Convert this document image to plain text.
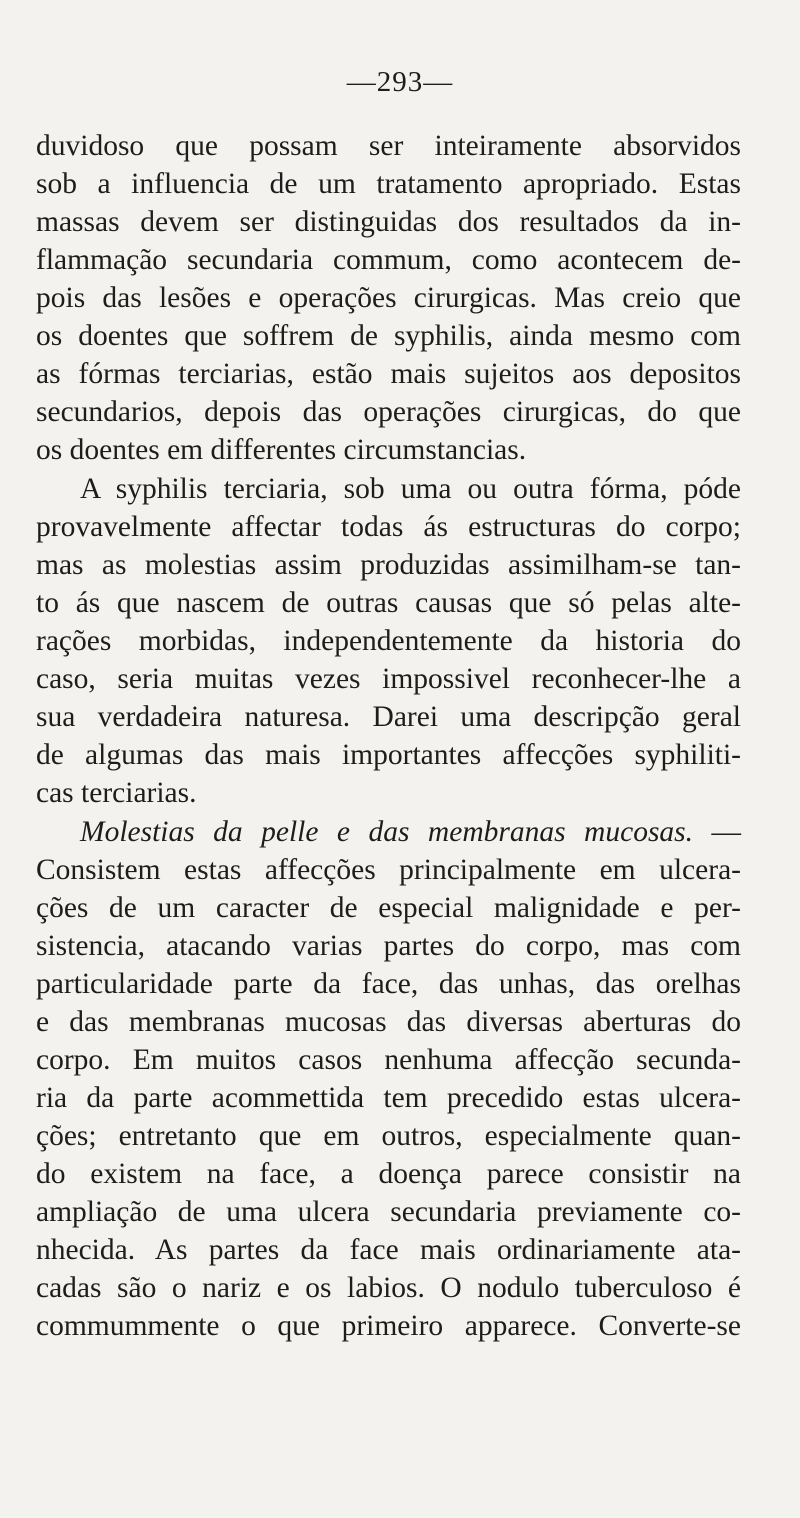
—293—
duvidoso que possam ser inteiramente absorvidos
sob a influencia de um tratamento apropriado. Estas
massas devem ser distinguidas dos resultados da in-
flammação secundaria commum, como acontecem de-
pois das lesões e operações cirurgicas. Mas creio que
os doentes que soffrem de syphilis, ainda mesmo com
as fórmas terciarias, estão mais sujeitos aos depositos
secundarios, depois das operações cirurgicas, do que
os doentes em differentes circumstancias.
A syphilis terciaria, sob uma ou outra fórma, póde
provavelmente affectar todas ás estructuras do corpo;
mas as molestias assim produzidas assimilham-se tan-
to ás que nascem de outras causas que só pelas alte-
rações morbidas, independentemente da historia do
caso, seria muitas vezes impossivel reconhecer-lhe a
sua verdadeira naturesa. Darei uma descripção geral
de algumas das mais importantes affecções syphiliti-
cas terciarias.
Molestias da pelle e das membranas mucosas. —
Consistem estas affecções principalmente em ulcera-
ções de um caracter de especial malignidade e per-
sistencia, atacando varias partes do corpo, mas com
particularidade parte da face, das unhas, das orelhas
e das membranas mucosas das diversas aberturas do
corpo. Em muitos casos nenhuma affecção secunda-
ria da parte acommettida tem precedido estas ulcera-
ções; entretanto que em outros, especialmente quan-
do existem na face, a doença parece consistir na
ampliação de uma ulcera secundaria previamente co-
nhecida. As partes da face mais ordinariamente ata-
cadas são o nariz e os labios. O nodulo tuberculoso é
commummente o que primeiro apparece. Converte-se
